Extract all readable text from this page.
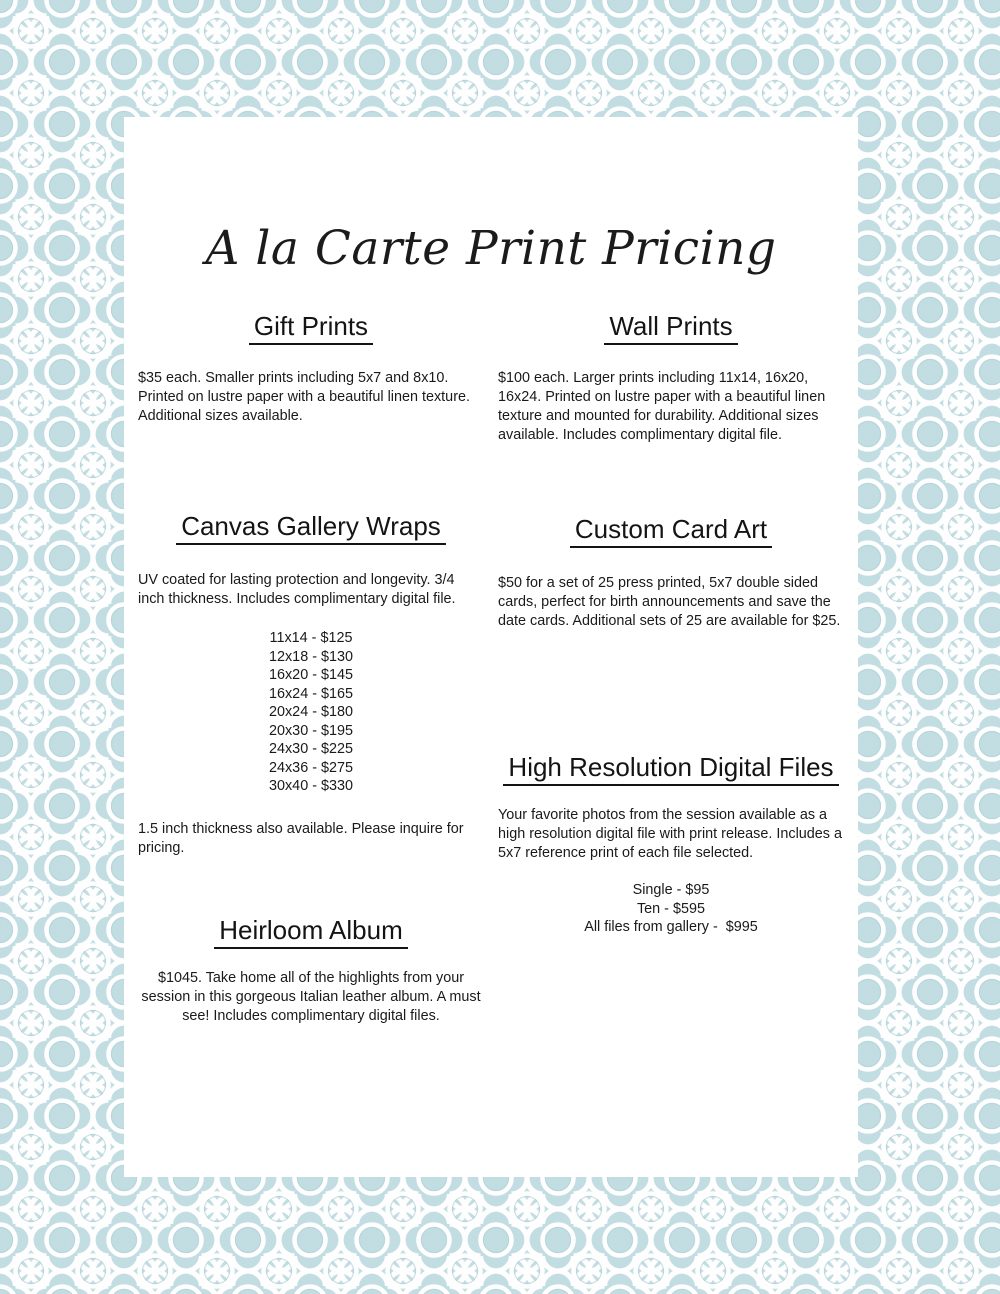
A la Carte Print Pricing
Gift Prints

$35 each. Smaller prints including 5x7 and 8x10. Printed on lustre paper with a beautiful linen texture. Additional sizes available.

Canvas Gallery Wraps

UV coated for lasting protection and longevity. 3/4 inch thickness. Includes complimentary digital file.

11x14 - $125
12x18 - $130
16x20 - $145
16x24 - $165
20x24 - $180
20x30 - $195
24x30 - $225
24x36 - $275
30x40 - $330

1.5 inch thickness also available. Please inquire for pricing.

Heirloom Album

$1045. Take home all of the highlights from your session in this gorgeous Italian leather album. A must see! Includes complimentary digital files.

Wall Prints

$100 each. Larger prints including 11x14, 16x20, 16x24. Printed on lustre paper with a beautiful linen texture and mounted for durability. Additional sizes available. Includes complimentary digital file.

Custom Card Art

$50 for a set of 25 press printed, 5x7 double sided cards, perfect for birth announcements and save the date cards. Additional sets of 25 are available for $25.

High Resolution Digital Files

Your favorite photos from the session available as a high resolution digital file with print release. Includes a 5x7 reference print of each file selected.

Single - $95
Ten - $595
All files from gallery -  $995
